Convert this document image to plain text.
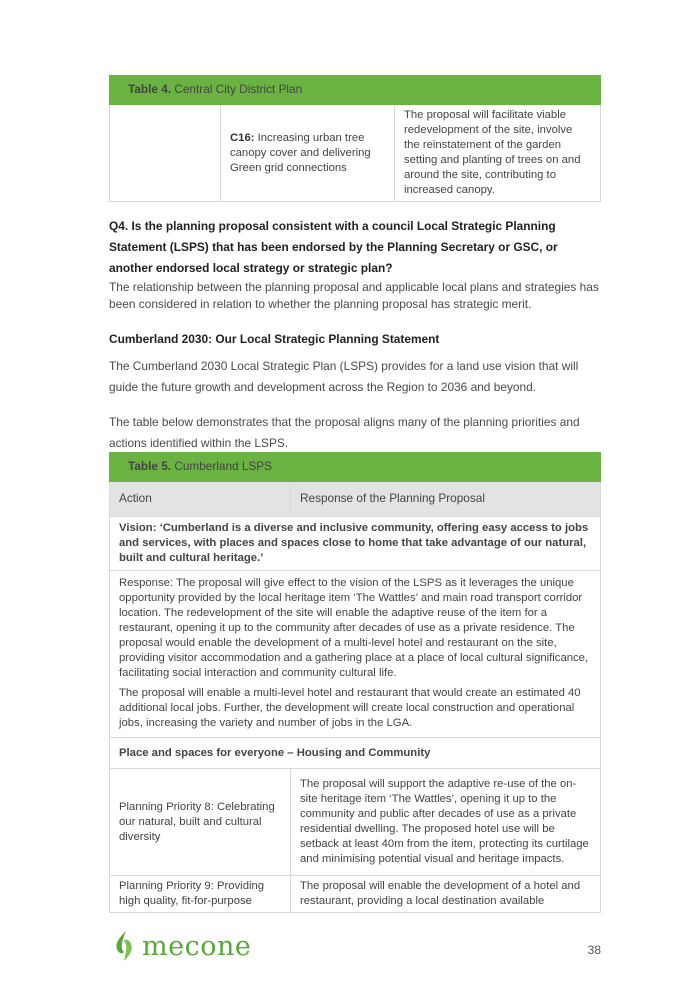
Table 4. Central City District Plan
	C16: Increasing urban tree canopy cover and delivering Green grid connections	The proposal will facilitate viable redevelopment of the site, involve the reinstatement of the garden setting and planting of trees on and around the site, contributing to increased canopy.
Q4. Is the planning proposal consistent with a council Local Strategic Planning Statement (LSPS) that has been endorsed by the Planning Secretary or GSC, or another endorsed local strategy or strategic plan?
The relationship between the planning proposal and applicable local plans and strategies has been considered in relation to whether the planning proposal has strategic merit.
Cumberland 2030: Our Local Strategic Planning Statement
The Cumberland 2030 Local Strategic Plan (LSPS) provides for a land use vision that will guide the future growth and development across the Region to 2036 and beyond.
The table below demonstrates that the proposal aligns many of the planning priorities and actions identified within the LSPS.
Table 5. Cumberland LSPS	
Action	Response of the Planning Proposal
Vision: ‘Cumberland is a diverse and inclusive community, offering easy access to jobs and services, with places and spaces close to home that take advantage of our natural, built and cultural heritage.’	

Response: The proposal will give effect to the vision of the LSPS as it leverages the unique opportunity provided by the local heritage item ‘The Wattles’ and main road transport corridor location. The redevelopment of the site will enable the adaptive reuse of the item for a restaurant, opening it up to the community after decades of use as a private residence. The proposal would enable the development of a multi-level hotel and restaurant on the site, providing visitor accommodation and a gathering place at a place of local cultural significance, facilitating social interaction and community cultural life.
The proposal will enable a multi-level hotel and restaurant that would create an estimated 40 additional local jobs. Further, the development will create local construction and operational jobs, increasing the variety and number of jobs in the LGA.	

Place and spaces for everyone – Housing and Community	
Planning Priority 8: Celebrating our natural, built and cultural diversity	The proposal will support the adaptive re-use of the on-site heritage item ‘The Wattles’, opening it up to the community and public after decades of use as a private residential dwelling. The proposed hotel use will be setback at least 40m from the item, protecting its curtilage and minimising potential visual and heritage impacts.
Planning Priority 9: Providing high quality, fit-for-purpose	The proposal will enable the development of a hotel and restaurant, providing a local destination available
mecone	38
